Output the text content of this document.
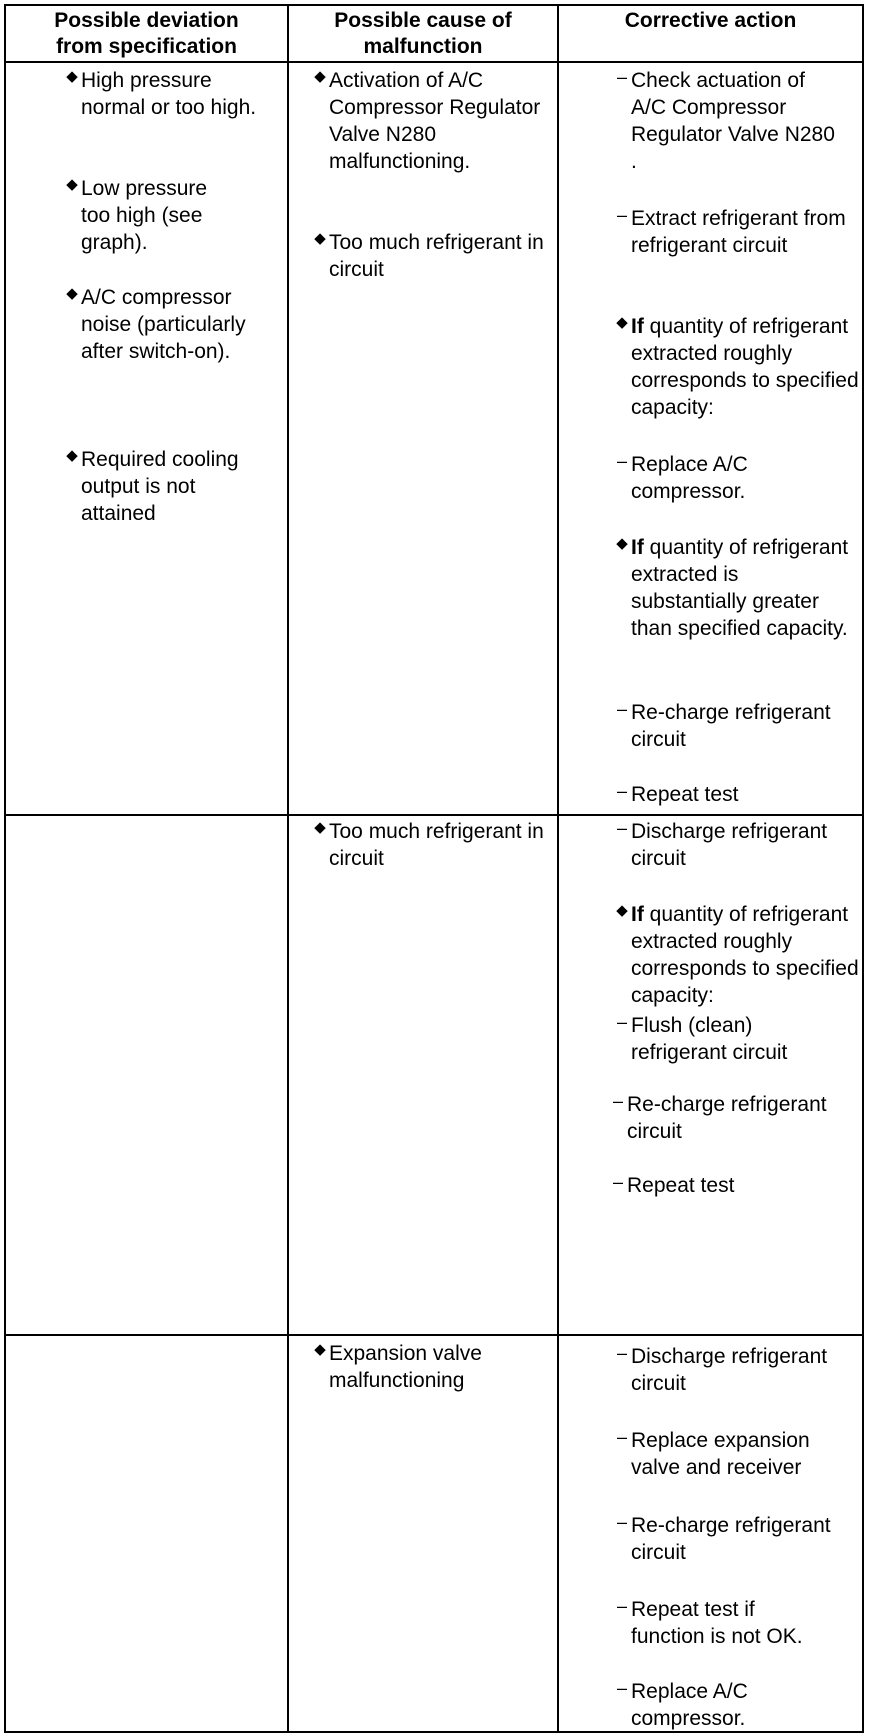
Possible deviation
from specification
Possible cause of
malfunction
Corrective action
◆ High pressure normal or too high.
◆ Low pressure too high (see graph).
◆ A/C compressor noise (particularly after switch-on).
◆ Required cooling output is not attained
◆ Activation of A/C Compressor Regulator Valve N280 malfunctioning.
◆ Too much refrigerant in circuit
– Check actuation of A/C Compressor Regulator Valve N280 .
– Extract refrigerant from refrigerant circuit
◆ If quantity of refrigerant extracted roughly corresponds to specified capacity:
– Replace A/C compressor.
◆ If quantity of refrigerant extracted is substantially greater than specified capacity.
– Re-charge refrigerant circuit
– Repeat test
◆ Too much refrigerant in circuit
– Discharge refrigerant circuit
◆ If quantity of refrigerant extracted roughly corresponds to specified capacity:
– Flush (clean) refrigerant circuit
– Re-charge refrigerant circuit
– Repeat test
◆ Expansion valve malfunctioning
– Discharge refrigerant circuit
– Replace expansion valve and receiver
– Re-charge refrigerant circuit
– Repeat test if function is not OK.
– Replace A/C compressor.
